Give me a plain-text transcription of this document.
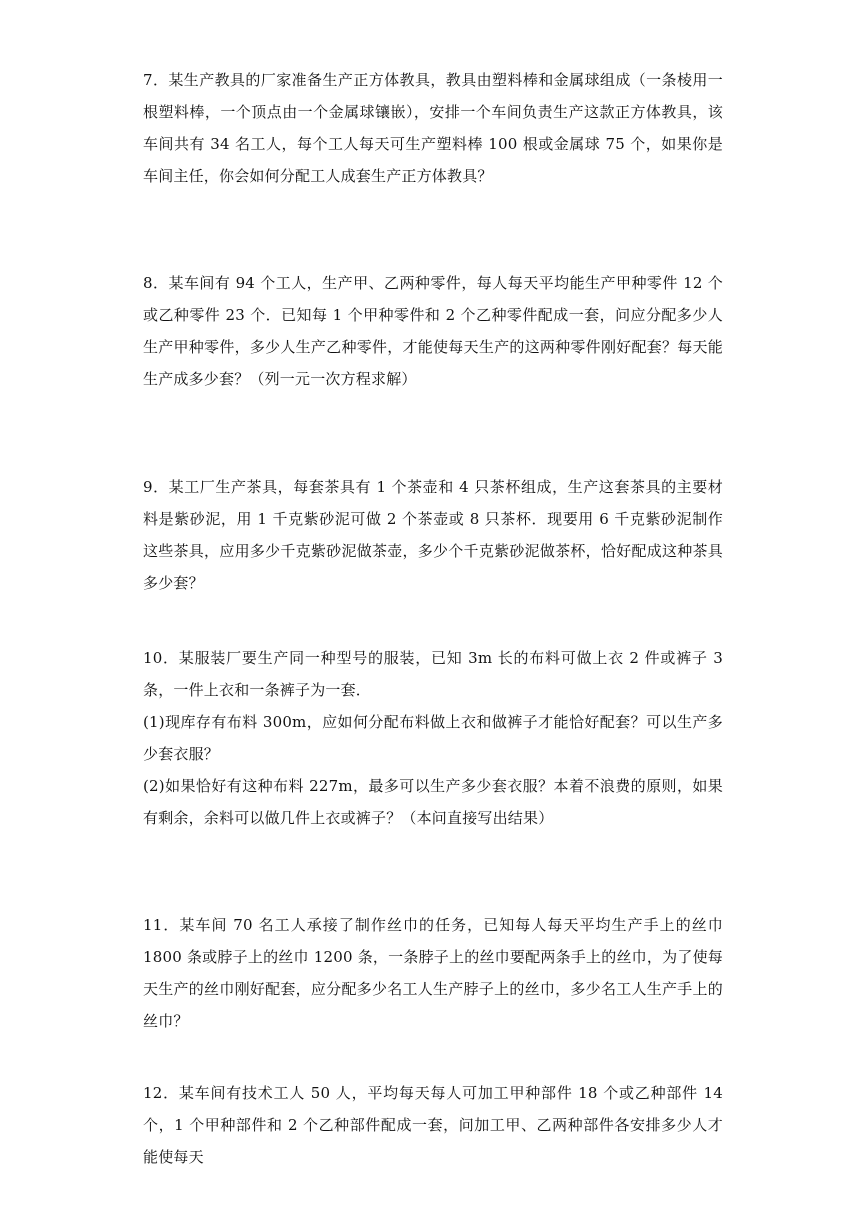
7．某生产教具的厂家准备生产正方体教具，教具由塑料棒和金属球组成（一条棱用一根塑料棒，一个顶点由一个金属球镶嵌），安排一个车间负责生产这款正方体教具，该车间共有 34 名工人，每个工人每天可生产塑料棒 100 根或金属球 75 个，如果你是车间主任，你会如何分配工人成套生产正方体教具？

8．某车间有 94 个工人，生产甲、乙两种零件，每人每天平均能生产甲种零件 12 个或乙种零件 23 个．已知每 1 个甲种零件和 2 个乙种零件配成一套，问应分配多少人生产甲种零件，多少人生产乙种零件，才能使每天生产的这两种零件刚好配套？每天能生产成多少套？（列一元一次方程求解）

9．某工厂生产茶具，每套茶具有 1 个茶壶和 4 只茶杯组成，生产这套茶具的主要材料是紫砂泥，用 1 千克紫砂泥可做 2 个茶壶或 8 只茶杯．现要用 6 千克紫砂泥制作这些茶具，应用多少千克紫砂泥做茶壶，多少个千克紫砂泥做茶杯，恰好配成这种茶具多少套？

10．某服装厂要生产同一种型号的服装，已知 3m 长的布料可做上衣 2 件或裤子 3 条，一件上衣和一条裤子为一套．

(1)现库存有布料 300m，应如何分配布料做上衣和做裤子才能恰好配套？可以生产多少套衣服？

(2)如果恰好有这种布料 227m，最多可以生产多少套衣服？本着不浪费的原则，如果有剩余，余料可以做几件上衣或裤子？（本问直接写出结果）

11．某车间 70 名工人承接了制作丝巾的任务，已知每人每天平均生产手上的丝巾 1800 条或脖子上的丝巾 1200 条，一条脖子上的丝巾要配两条手上的丝巾，为了使每天生产的丝巾刚好配套，应分配多少名工人生产脖子上的丝巾，多少名工人生产手上的丝巾？

12．某车间有技术工人 50 人，平均每天每人可加工甲种部件 18 个或乙种部件 14 个，1 个甲种部件和 2 个乙种部件配成一套，问加工甲、乙两种部件各安排多少人才能使每天
